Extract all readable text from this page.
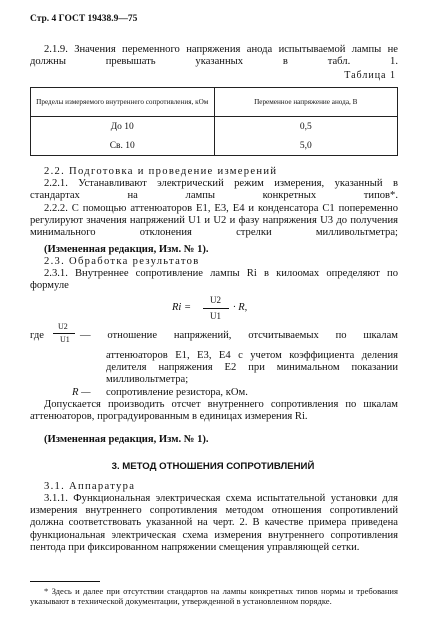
Стр. 4 ГОСТ 19438.9—75
2.1.9. Значения переменного напряжения анода испытываемой лампы не должны превышать указанных в табл. 1.
Таблица 1
Пределы измеряемого внутреннего сопротивления, кОм	Переменное напряжение анода, В
До 10	0,5
Св. 10	5,0
2.2. Подготовка и проведение измерений
2.2.1. Устанавливают электрический режим измерения, указанный в стандартах на лампы конкретных типов*.
2.2.2. С помощью аттенюаторов E1, E3, E4 и конденсатора C1 попеременно регулируют значения напряжений U1 и U2 и фазу напряжения U3 до получения минимального отклонения стрелки милливольтметра;
(Измененная редакция, Изм. № 1).
2.3. Обработка результатов
2.3.1. Внутреннее сопротивление лампы Ri в килоомах определяют по формуле
Ri =
U2
U1
· R,
где
U2
U1 — отношение напряжений, отсчитываемых по шкалам
аттенюаторов E1, E3, E4 с учетом коэффициента деления делителя напряжения E2 при минимальном показании милливольтметра;
R — сопротивление резистора, кОм.
Допускается производить отсчет внутреннего сопротивления по шкалам аттенюаторов, проградуированным в единицах измерения Ri.
(Измененная редакция, Изм. № 1).
3. МЕТОД ОТНОШЕНИЯ СОПРОТИВЛЕНИЙ
3.1. Аппаратура
3.1.1. Функциональная электрическая схема испытательной установки для измерения внутреннего сопротивления методом отношения сопротивлений должна соответствовать указанной на черт. 2. В качестве примера приведена функциональная электрическая схема измерения внутреннего сопротивления пентода при фиксированном напряжении смещения управляющей сетки.
* Здесь и далее при отсутствии стандартов на лампы конкретных типов нормы и требования указывают в технической документации, утвержденной в установленном порядке.
